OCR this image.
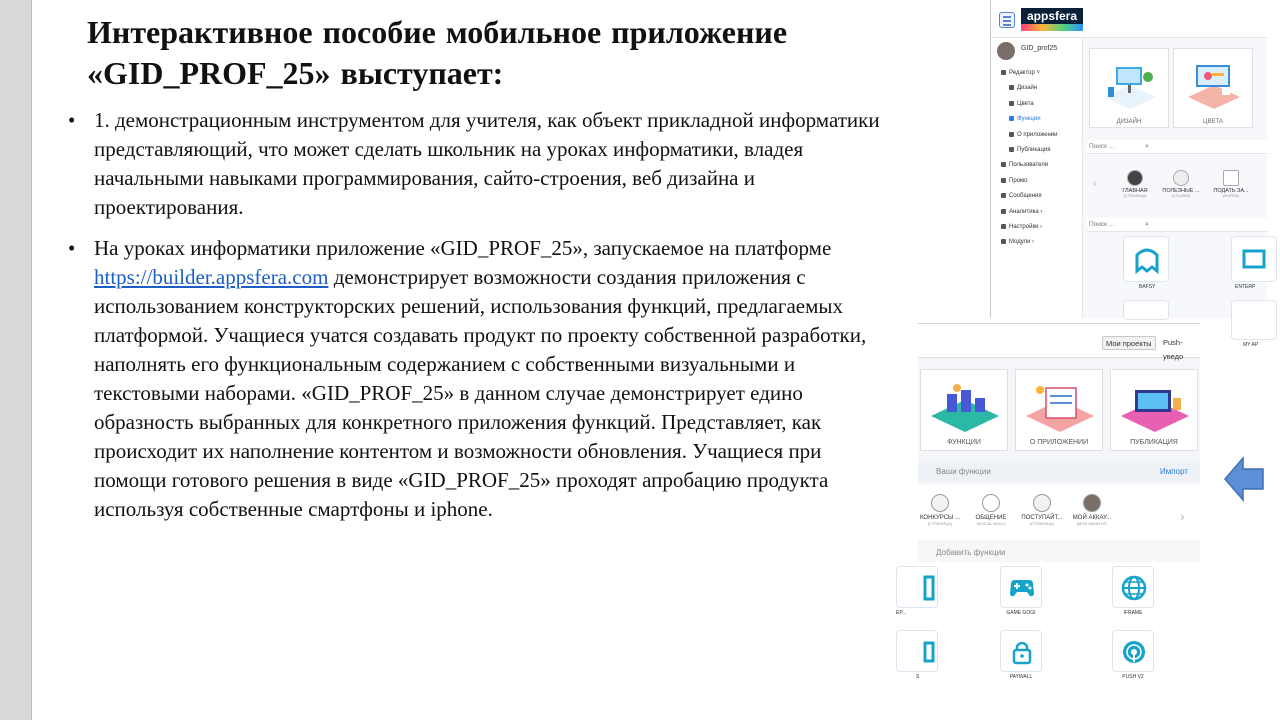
Интерактивное пособие мобильное приложение «GID_PROF_25» выступает:
• 1. демонстрационным инструментом для учителя, как объект прикладной информатики представляющий, что может сделать школьник на уроках информатики, владея начальными навыками программирования, сайто-строения, веб дизайна и проектирования.
• На уроках информатики приложение «GID_PROF_25», запускаемое на платформе https://builder.appsfera.com демонстрирует возможности создания приложения с использованием конструкторских решений, использования функций, предлагаемых платформой. Учащиеся учатся создавать продукт по проекту собственной разработки, наполнять его функциональным содержанием с собственными визуальными и текстовыми наборами. «GID_PROF_25» в данном случае демонстрирует едино образность выбранных для конкретного приложения функций. Представляет, как происходит их наполнение контентом и возможности обновления. Учащиеся при помощи готового решения в виде «GID_PROF_25» проходят апробацию продукта используя собственные смартфоны и iphone.
appsfera
GID_prof25
Редактор ˅
Дизайн
Цвета
Функции
О приложении
Публикация
Пользователи
Промо
Сообщения
Аналитика ›
Настройки ›
Модули ›
ДИЗАЙН	ЦВЕТА
Поиск ...	⌕
‹
ГЛАВНАЯ
(СТРАНИЦА)
ПОЛЕЗНЫЕ ...
(ССЫЛКИ)
ПОДАТЬ ЗА...
(ФОРМА)
Поиск ...	⌕
BAFSY	ENTERP
MY AP
Мои проекты	Push-уведо
ФУНКЦИИ	О ПРИЛОЖЕНИИ	ПУБЛИКАЦИЯ
Ваши функции	Импорт
КОНКУРСЫ ...
(СТРАНИЦА)
ОБЩЕНИЕ
(SOCIAL WALL)
ПОСТУПАЙТ...
(СТРАНИЦА)
МОЙ АККАУ...
(МОЙ АККАУНТ)	›
Добавить функции
EP...	GAME GOGI	IFRAME
S	PAYWALL	PUSH V2
